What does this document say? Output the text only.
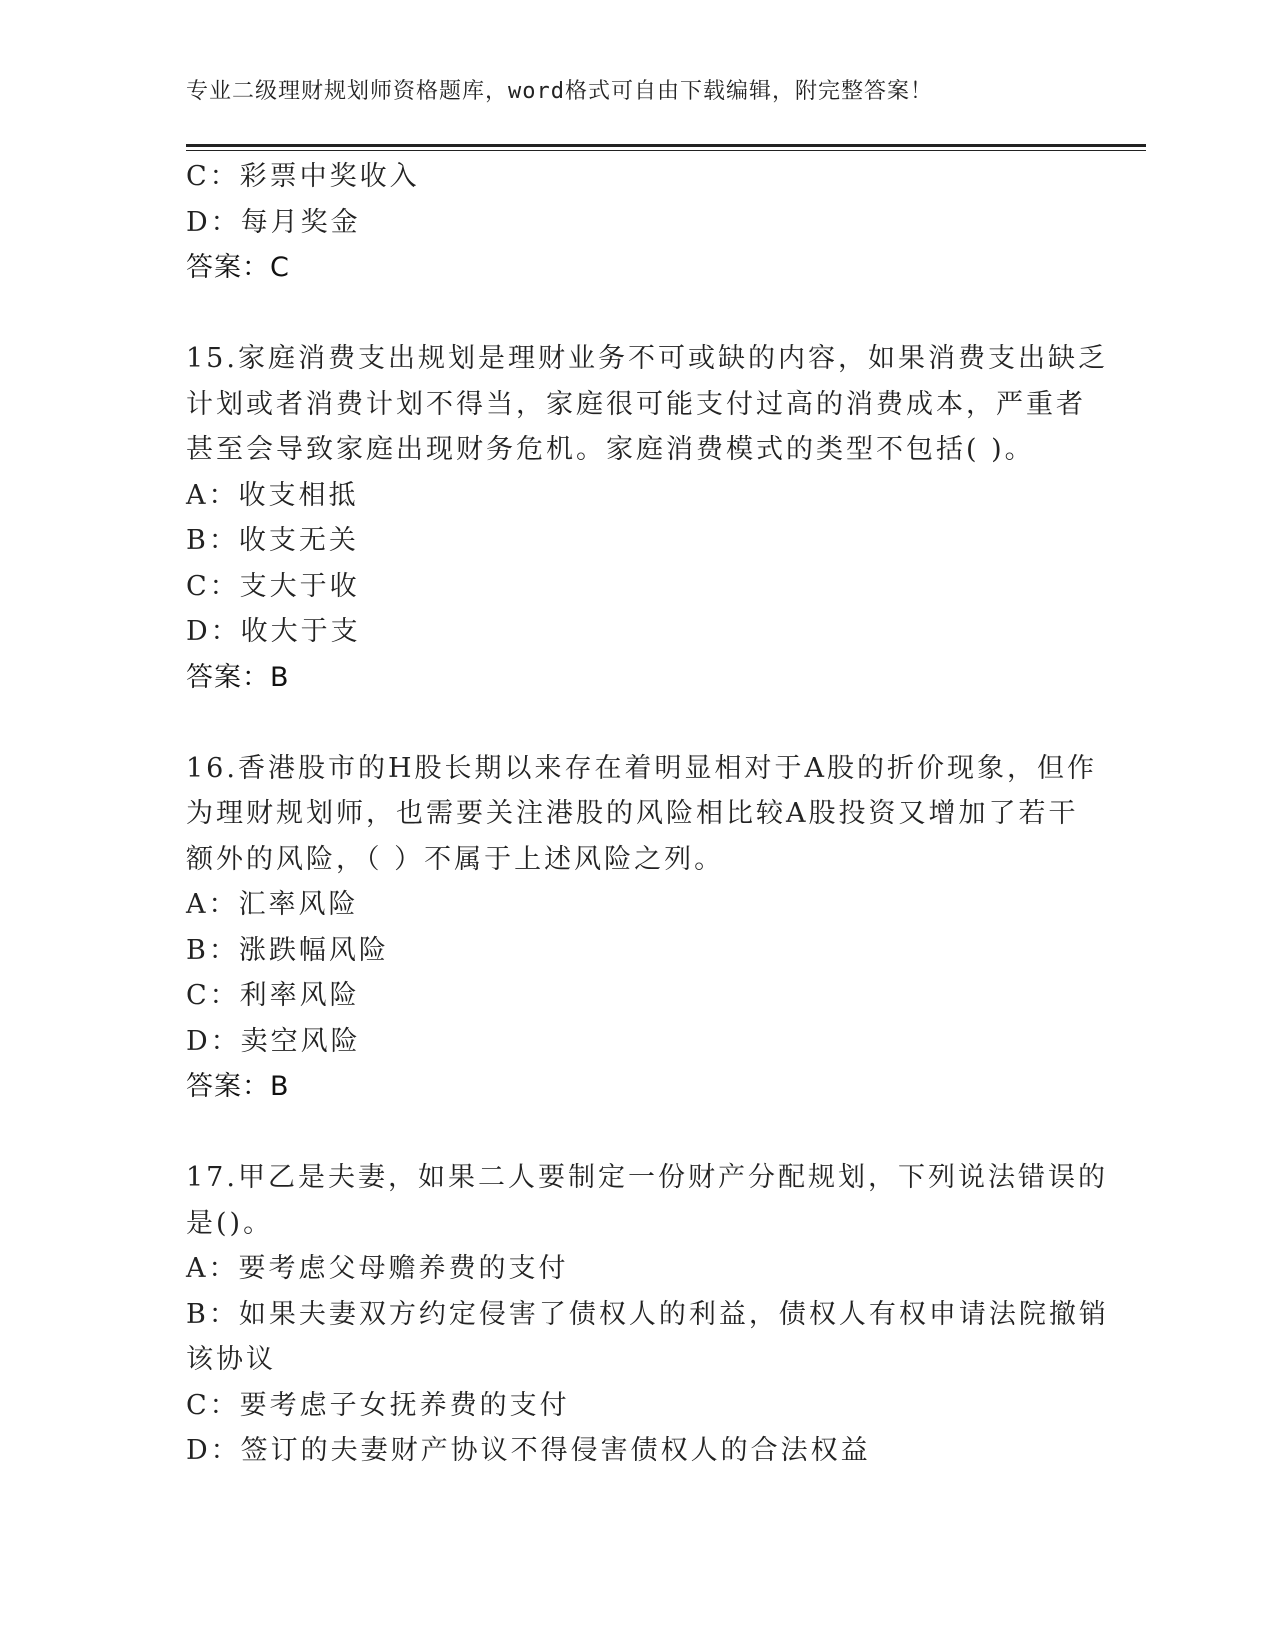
专业二级理财规划师资格题库，word格式可自由下载编辑，附完整答案！
C：彩票中奖收入
D：每月奖金
答案：C
15.家庭消费支出规划是理财业务不可或缺的内容，如果消费支出缺乏
计划或者消费计划不得当，家庭很可能支付过高的消费成本，严重者
甚至会导致家庭出现财务危机。家庭消费模式的类型不包括( )。
A：收支相抵
B：收支无关
C：支大于收
D：收大于支
答案：B
16.香港股市的H股长期以来存在着明显相对于A股的折价现象，但作
为理财规划师，也需要关注港股的风险相比较A股投资又增加了若干
额外的风险，（ ）不属于上述风险之列。
A：汇率风险
B：涨跌幅风险
C：利率风险
D：卖空风险
答案：B
17.甲乙是夫妻，如果二人要制定一份财产分配规划，下列说法错误的
是()。
A：要考虑父母赡养费的支付
B：如果夫妻双方约定侵害了债权人的利益，债权人有权申请法院撤销
该协议
C：要考虑子女抚养费的支付
D：签订的夫妻财产协议不得侵害债权人的合法权益
